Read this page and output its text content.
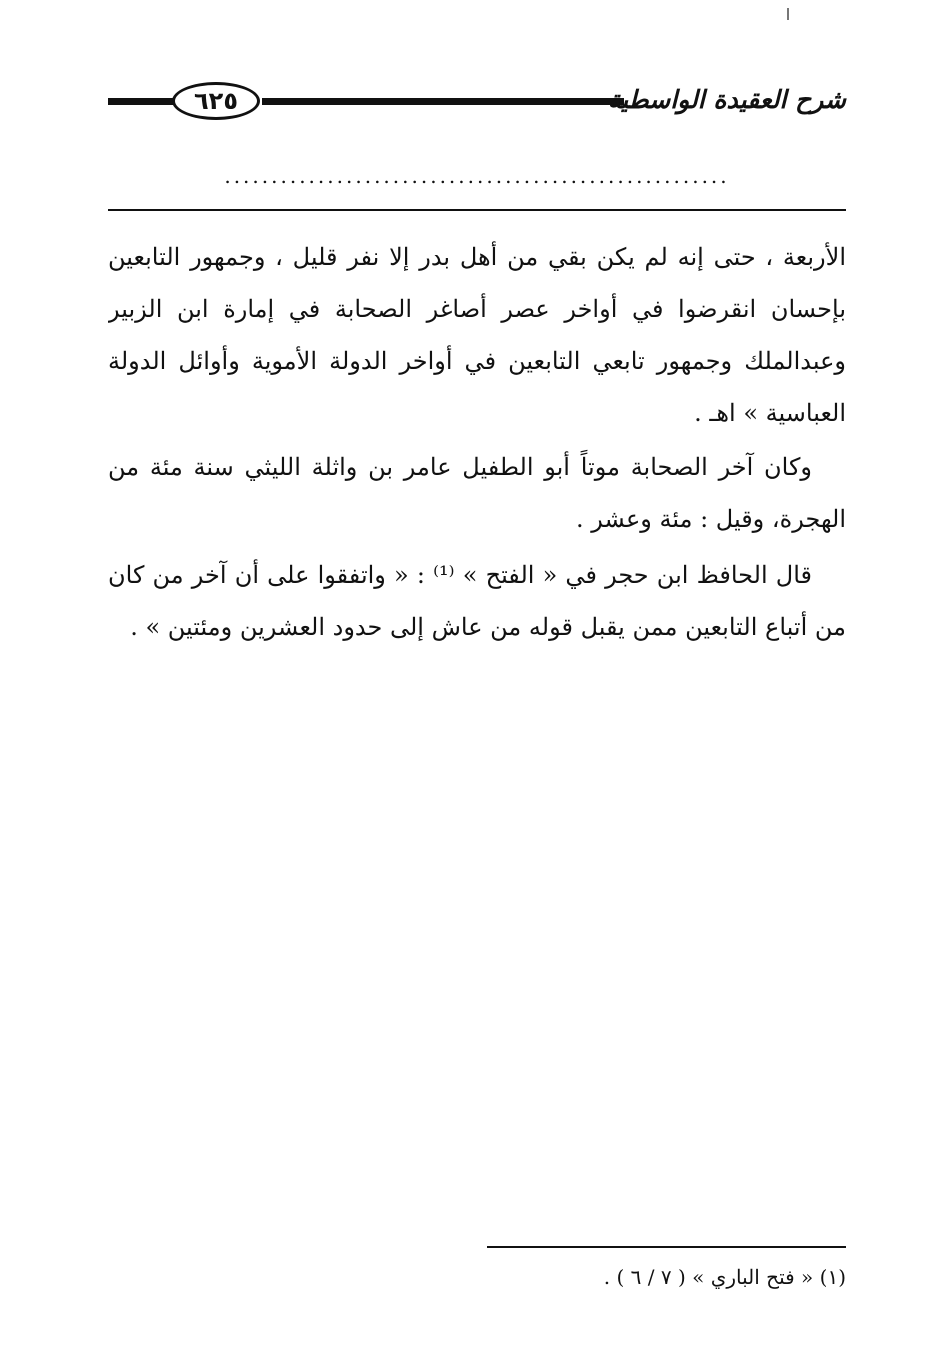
٦٢٥	شرح العقيدة الواسطية
......................................................
الأربعة ، حتى إنه لم يكن بقي من أهل بدر إلا نفر قليل ، وجمهور التابعين
بإحسان انقرضوا في أواخر عصر أصاغر الصحابة في إمارة ابن الزبير
وعبدالملك وجمهور تابعي التابعين في أواخر الدولة الأموية وأوائل الدولة
العباسية » اهـ .
وكان آخر الصحابة موتاً أبو الطفيل عامر بن واثلة الليثي سنة مئة من
الهجرة، وقيل : مئة وعشر .
قال الحافظ ابن حجر في « الفتح » ⁽¹⁾ : « واتفقوا على أن آخر من كان
من أتباع التابعين ممن يقبل قوله من عاش إلى حدود العشرين ومئتين » .
(١) « فتح الباري » ( ٧ / ٦ ) .
